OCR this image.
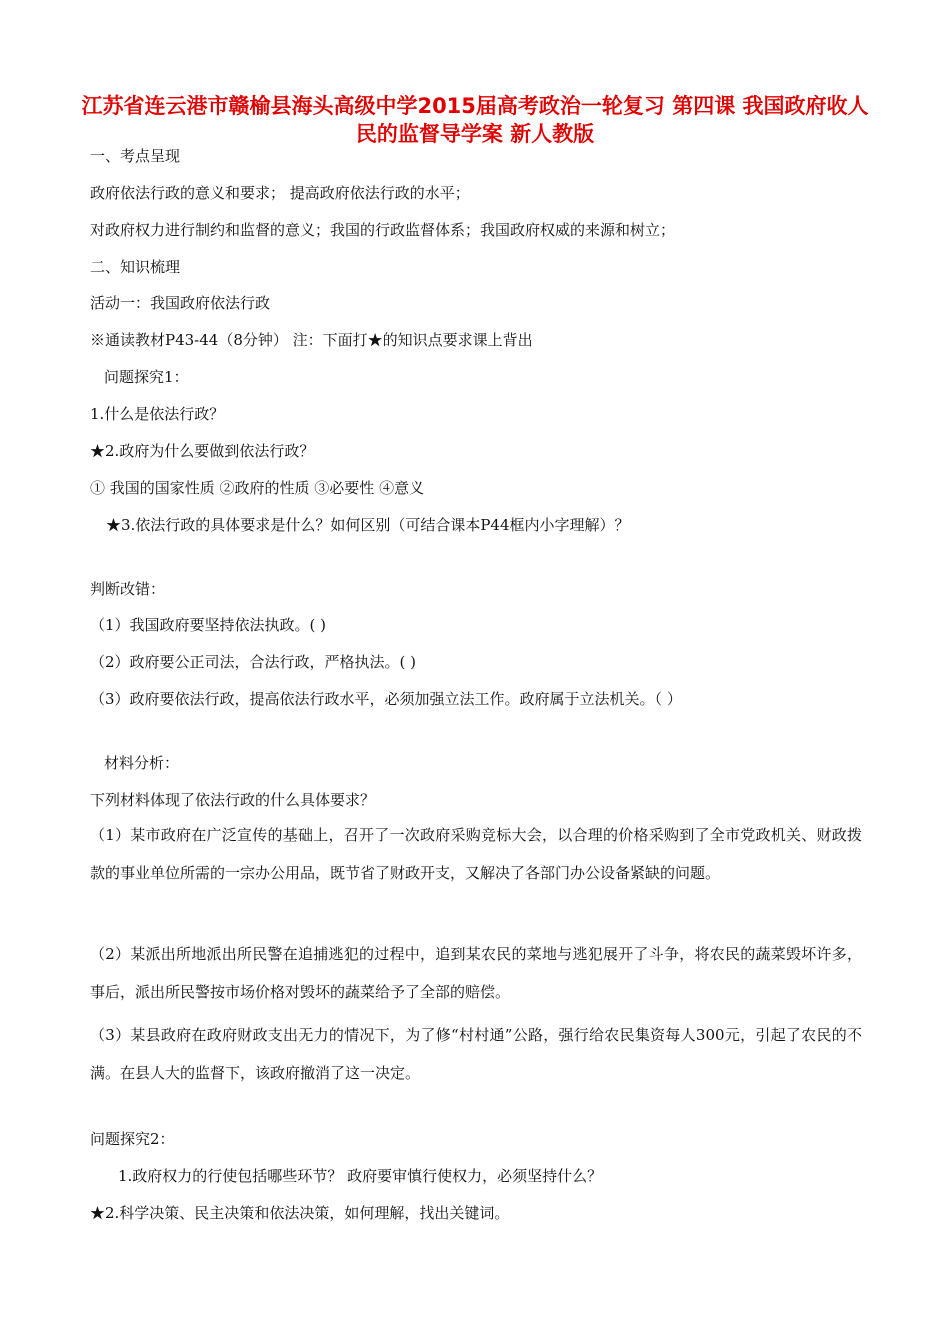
江苏省连云港市赣榆县海头高级中学2015届高考政治一轮复习 第四课 我国政府收人民的监督导学案 新人教版
一、考点呈现
政府依法行政的意义和要求； 提高政府依法行政的水平；
对政府权力进行制约和监督的意义；我国的行政监督体系；我国政府权威的来源和树立；
二、知识梳理
活动一：我国政府依法行政
※通读教材P43-44（8分钟） 注：下面打★的知识点要求课上背出
问题探究1：
1.什么是依法行政？
★2.政府为什么要做到依法行政？
① 我国的国家性质 ②政府的性质 ③必要性 ④意义
★3.依法行政的具体要求是什么？如何区别（可结合课本P44框内小字理解）？
判断改错：
（1）我国政府要坚持依法执政。( )
（2）政府要公正司法，合法行政，严格执法。( )
（3）政府要依法行政，提高依法行政水平，必须加强立法工作。政府属于立法机关。（ ）
材料分析：
下列材料体现了依法行政的什么具体要求？
（1）某市政府在广泛宣传的基础上，召开了一次政府采购竞标大会，以合理的价格采购到了全市党政机关、财政拨款的事业单位所需的一宗办公用品，既节省了财政开支，又解决了各部门办公设备紧缺的问题。
（2）某派出所地派出所民警在追捕逃犯的过程中，追到某农民的菜地与逃犯展开了斗争，将农民的蔬菜毁坏许多，事后，派出所民警按市场价格对毁坏的蔬菜给予了全部的赔偿。
（3）某县政府在政府财政支出无力的情况下，为了修“村村通”公路，强行给农民集资每人300元，引起了农民的不满。在县人大的监督下，该政府撤消了这一决定。
问题探究2：
1.政府权力的行使包括哪些环节？ 政府要审慎行使权力，必须坚持什么？
★2.科学决策、民主决策和依法决策，如何理解，找出关键词。
